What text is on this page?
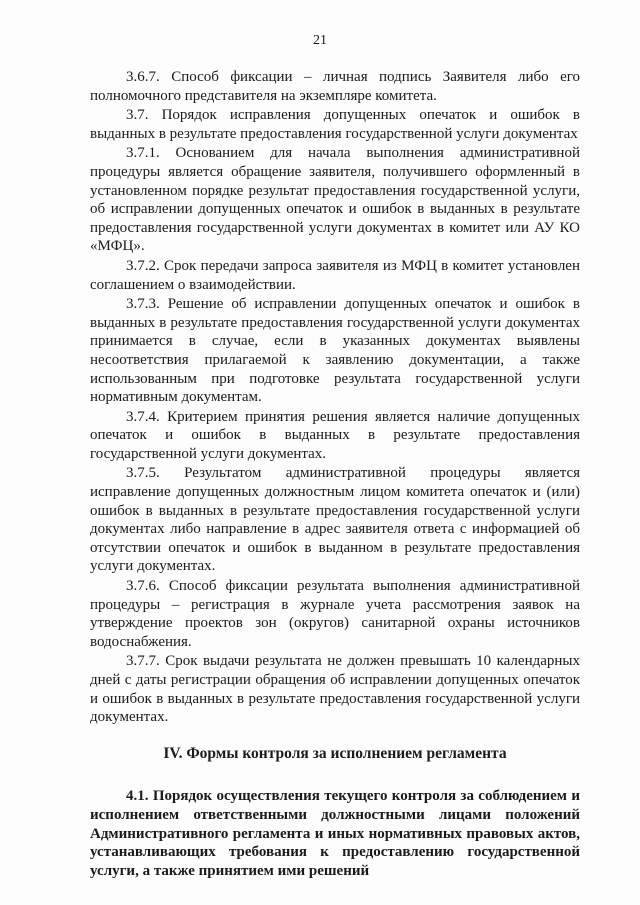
21

3.6.7. Способ фиксации – личная подпись Заявителя либо его полномочного представителя на экземпляре комитета.

3.7. Порядок исправления допущенных опечаток и ошибок в выданных в результате предоставления государственной услуги документах

3.7.1. Основанием для начала выполнения административной процедуры является обращение заявителя, получившего оформленный в установленном порядке результат предоставления государственной услуги, об исправлении допущенных опечаток и ошибок в выданных в результате предоставления государственной услуги документах в комитет или АУ КО «МФЦ».

3.7.2. Срок передачи запроса заявителя из МФЦ в комитет установлен соглашением о взаимодействии.

3.7.3. Решение об исправлении допущенных опечаток и ошибок в выданных в результате предоставления государственной услуги документах принимается в случае, если в указанных документах выявлены несоответствия прилагаемой к заявлению документации, а также использованным при подготовке результата государственной услуги нормативным документам.

3.7.4. Критерием принятия решения является наличие допущенных опечаток и ошибок в выданных в результате предоставления государственной услуги документах.

3.7.5. Результатом административной процедуры является исправление допущенных должностным лицом комитета опечаток и (или) ошибок в выданных в результате предоставления государственной услуги документах либо направление в адрес заявителя ответа с информацией об отсутствии опечаток и ошибок в выданном в результате предоставления услуги документах.

3.7.6. Способ фиксации результата выполнения административной процедуры – регистрация в журнале учета рассмотрения заявок на утверждение проектов зон (округов) санитарной охраны источников водоснабжения.

3.7.7. Срок выдачи результата не должен превышать 10 календарных дней с даты регистрации обращения об исправлении допущенных опечаток и ошибок в выданных в результате предоставления государственной услуги документах.

IV. Формы контроля за исполнением регламента

4.1. Порядок осуществления текущего контроля за соблюдением и исполнением ответственными должностными лицами положений Административного регламента и иных нормативных правовых актов, устанавливающих требования к предоставлению государственной услуги, а также принятием ими решений
